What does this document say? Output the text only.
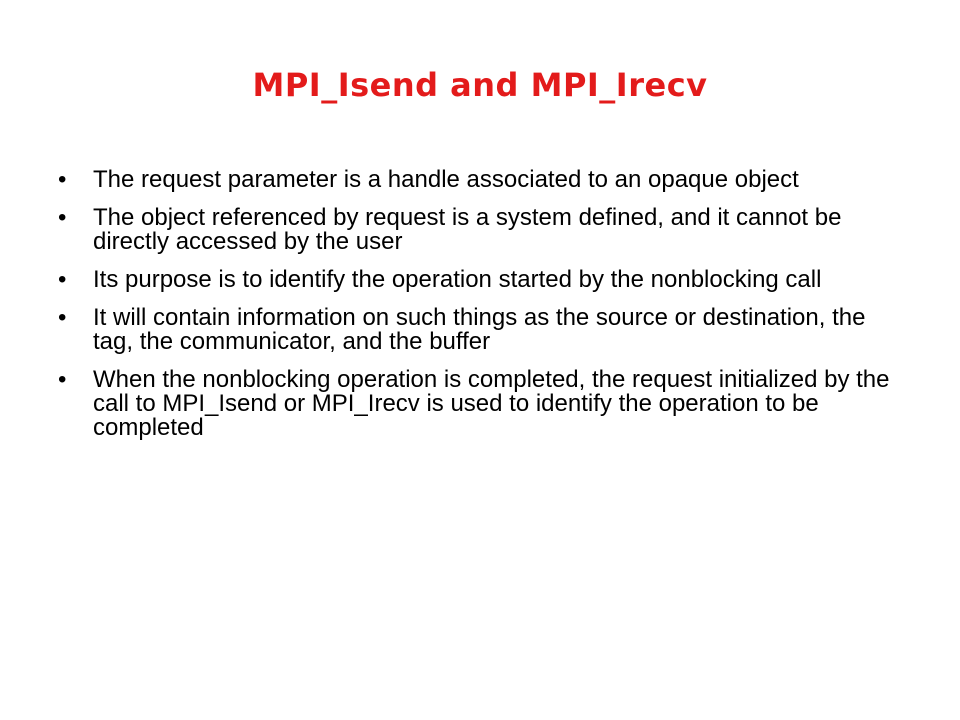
MPI_Isend and MPI_Irecv
• The request parameter is a handle associated to an opaque object
• The object referenced by request is a system defined, and it cannot be directly accessed by the user
• Its purpose is to identify the operation started by the nonblocking call
• It will contain information on such things as the source or destination, the tag, the communicator, and the buffer
• When the nonblocking operation is completed, the request initialized by the call to MPI_Isend or MPI_Irecv is used to identify the operation to be completed
